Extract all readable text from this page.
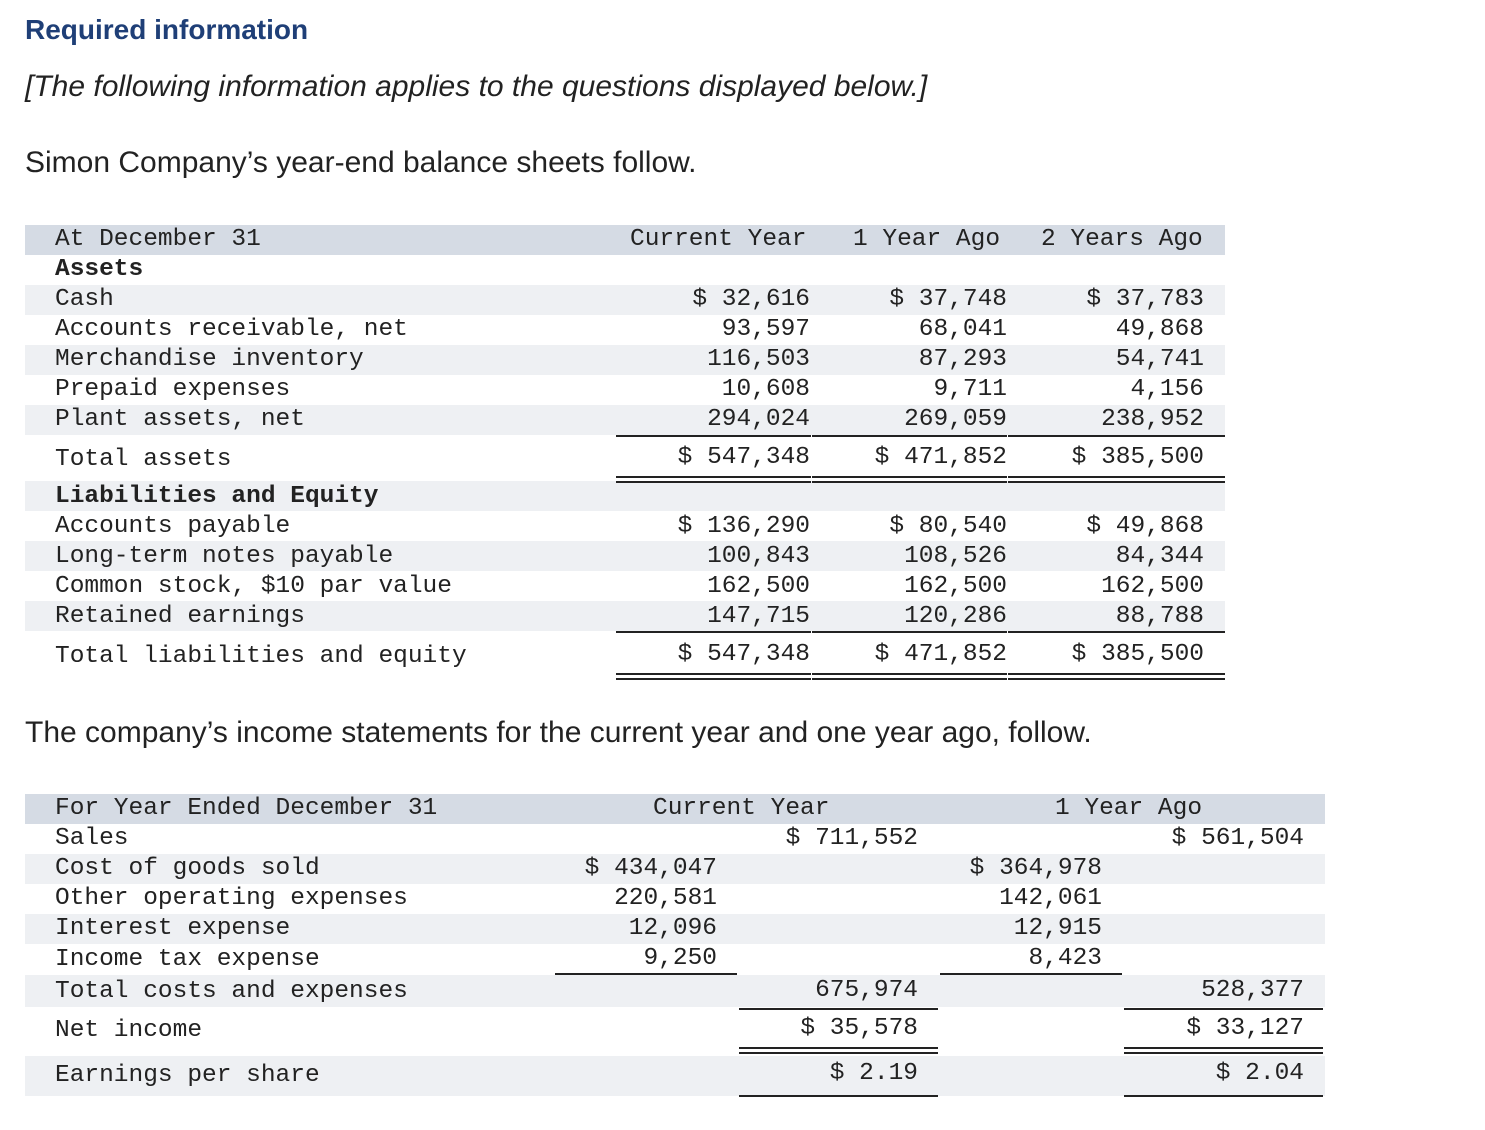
Required information
[The following information applies to the questions displayed below.]
Simon Company’s year-end balance sheets follow.
At December 31	Current Year 1 Year Ago 2 Years Ago
Assets
Cash	$ 32,616	$ 37,748	$ 37,783
Accounts receivable, net	93,597	68,041	49,868
Merchandise inventory	116,503	87,293	54,741
Prepaid expenses	10,608	9,711	4,156
Plant assets, net	294,024	269,059	238,952
Total assets	$ 547,348	$ 471,852	$ 385,500
Liabilities and Equity
Accounts payable	$ 136,290	$ 80,540	$ 49,868
Long-term notes payable	100,843	108,526	84,344
Common stock, $10 par value	162,500	162,500	162,500
Retained earnings	147,715	120,286	88,788
Total liabilities and equity	$ 547,348	$ 471,852	$ 385,500
The company’s income statements for the current year and one year ago, follow.
For Year Ended December 31	Current Year	1 Year Ago
Sales	$ 711,552	$ 561,504
Cost of goods sold	$ 434,047	$ 364,978
Other operating expenses	220,581	142,061
Interest expense	12,096	12,915
Income tax expense	9,250	8,423
Total costs and expenses	675,974	528,377
Net income	$ 35,578	$ 33,127
Earnings per share	$ 2.19	$ 2.04
